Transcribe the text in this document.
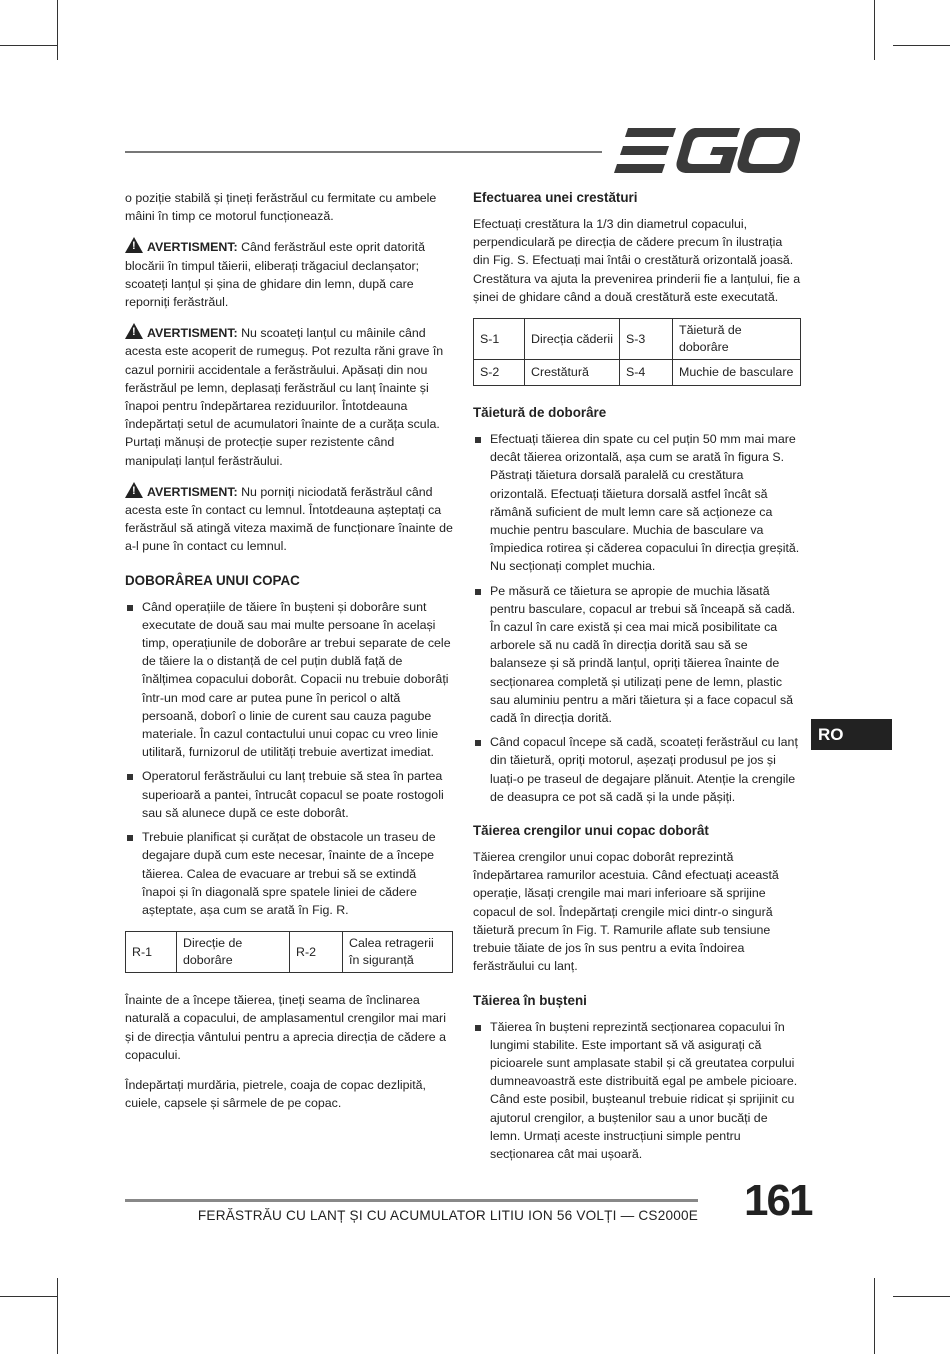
o poziție stabilă și țineți ferăstrăul cu fermitate cu ambele mâini în timp ce motorul funcționează.

!AVERTISMENT: Când ferăstrăul este oprit datorită blocării în timpul tăierii, eliberați trăgaciul declanșator; scoateți lanțul și șina de ghidare din lemn, după care reporniți ferăstrăul.

!AVERTISMENT: Nu scoateți lanțul cu mâinile când acesta este acoperit de rumeguș. Pot rezulta răni grave în cazul pornirii accidentale a ferăstrăului. Apăsați din nou ferăstrăul pe lemn, deplasați ferăstrăul cu lanț înainte și înapoi pentru îndepărtarea reziduurilor. Întotdeauna îndepărtați setul de acumulatori înainte de a curăța scula. Purtați mănuși de protecție super rezistente când manipulați lanțul ferăstrăului.

!AVERTISMENT: Nu porniți niciodată ferăstrăul când acesta este în contact cu lemnul. Întotdeauna așteptați ca ferăstrăul să atingă viteza maximă de funcționare înainte de a-l pune în contact cu lemnul.

DOBORÂREA UNUI COPAC
Când operațiile de tăiere în bușteni și doborâre sunt executate de două sau mai multe persoane în același timp, operațiunile de doborâre ar trebui separate de cele de tăiere la o distanță de cel puțin dublă față de înălțimea copacului doborât. Copacii nu trebuie doborâți într-un mod care ar putea pune în pericol o altă persoană, doborî o linie de curent sau cauza pagube materiale. În cazul contactului unui copac cu vreo linie utilitară, furnizorul de utilități trebuie avertizat imediat.
Operatorul ferăstrăului cu lanț trebuie să stea în partea superioară a pantei, întrucât copacul se poate rostogoli sau să alunece după ce este doborât.
Trebuie planificat și curățat de obstacole un traseu de degajare după cum este necesar, înainte de a începe tăierea. Calea de evacuare ar trebui să se extindă înapoi și în diagonală spre spatele liniei de cădere așteptate, așa cum se arată în Fig. R.
R-1	Direcție de doborâre	R-2	Calea retragerii în siguranță

Înainte de a începe tăierea, țineți seama de înclinarea naturală a copacului, de amplasamentul crengilor mai mari și de direcția vântului pentru a aprecia direcția de cădere a copacului.

Îndepărtați murdăria, pietrele, coaja de copac dezlipită, cuiele, capsele și sârmele de pe copac.

Efectuarea unei crestături

Efectuați crestătura la 1/3 din diametrul copacului, perpendiculară pe direcția de cădere precum în ilustrația din Fig. S. Efectuați mai întâi o crestătură orizontală joasă. Crestătura va ajuta la prevenirea prinderii fie a lanțului, fie a șinei de ghidare când a două crestătură este executată.

S-1	Direcția căderii	S-3	Tăietură de doborâre
S-2	Crestătură	S-4	Muchie de basculare
Tăietură de doborâre
Efectuați tăierea din spate cu cel puțin 50 mm mai mare decât tăierea orizontală, așa cum se arată în figura S. Păstrați tăietura dorsală paralelă cu crestătura orizontală. Efectuați tăietura dorsală astfel încât să rămână suficient de mult lemn care să acționeze ca muchie pentru basculare. Muchia de basculare va împiedica rotirea și căderea copacului în direcția greșită. Nu secționați complet muchia.
Pe măsură ce tăietura se apropie de muchia lăsată pentru basculare, copacul ar trebui să înceapă să cadă. În cazul în care există și cea mai mică posibilitate ca arborele să nu cadă în direcția dorită sau să se balanseze și să prindă lanțul, opriți tăierea înainte de secționarea completă și utilizați pene de lemn, plastic sau aluminiu pentru a mări tăietura și a face copacul să cadă în direcția dorită.
Când copacul începe să cadă, scoateți ferăstrăul cu lanț din tăietură, opriți motorul, așezați produsul pe jos și luați-o pe traseul de degajare plănuit. Atenție la crengile de deasupra ce pot să cadă și la unde pășiți.
Tăierea crengilor unui copac doborât

Tăierea crengilor unui copac doborât reprezintă îndepărtarea ramurilor acestuia. Când efectuați această operație, lăsați crengile mai mari inferioare să sprijine copacul de sol. Îndepărtați crengile mici dintr-o singură tăietură precum în Fig. T. Ramurile aflate sub tensiune trebuie tăiate de jos în sus pentru a evita îndoirea ferăstrăului cu lanț.

Tăierea în bușteni
Tăierea în bușteni reprezintă secționarea copacului în lungimi stabilite. Este important să vă asigurați că picioarele sunt amplasate stabil și că greutatea corpului dumneavoastră este distribuită egal pe ambele picioare. Când este posibil, bușteanul trebuie ridicat și sprijinit cu ajutorul crengilor, a buștenilor sau a unor bucăți de lemn. Urmați aceste instrucțiuni simple pentru secționarea cât mai ușoară.
RO
FERĂSTRĂU CU LANȚ ȘI CU ACUMULATOR LITIU ION 56 VOLȚI — CS2000E 161
